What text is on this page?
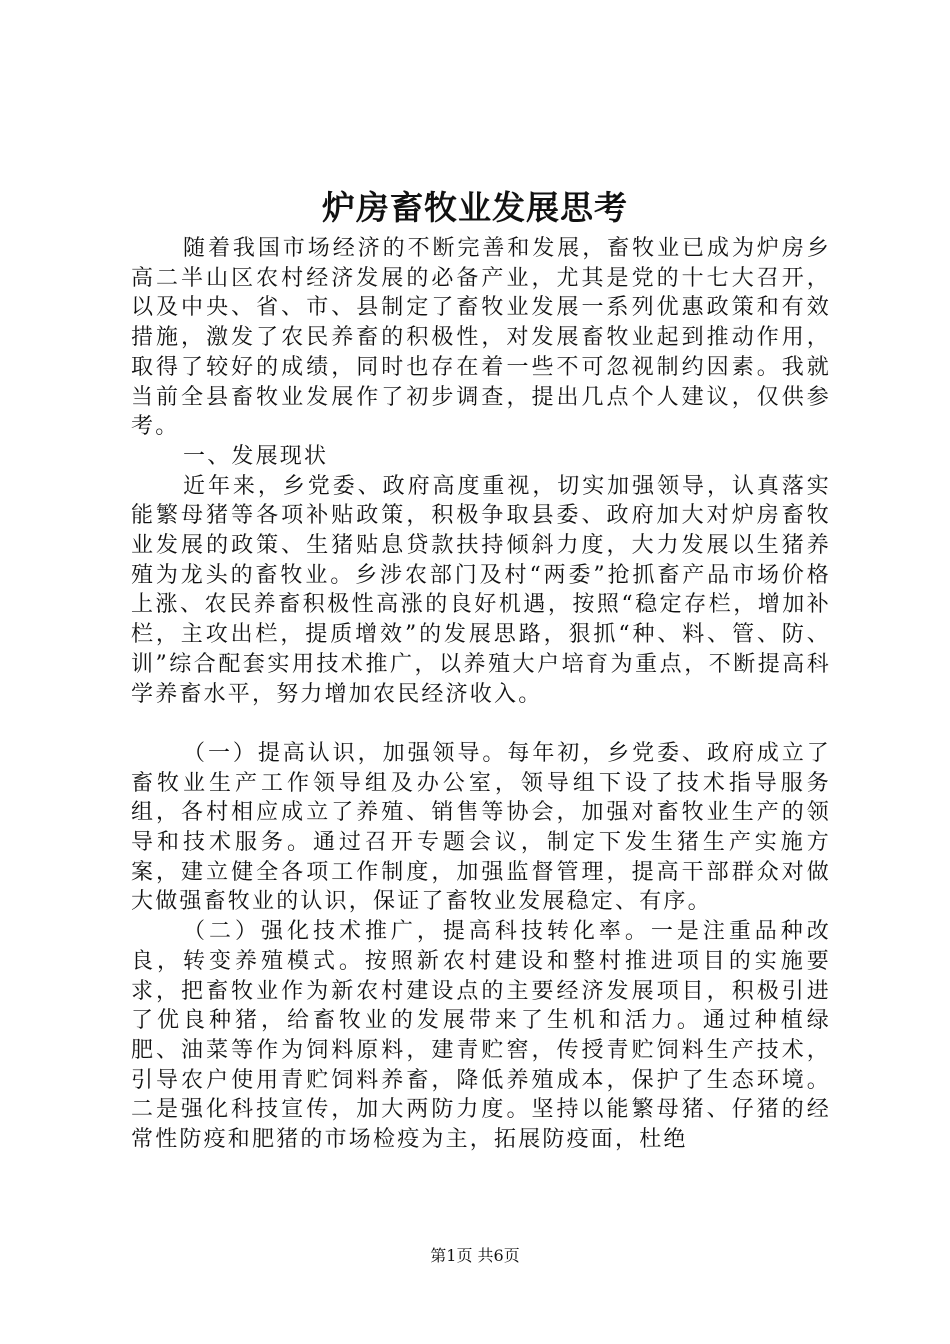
炉房畜牧业发展思考

随着我国市场经济的不断完善和发展，畜牧业已成为炉房乡高二半山区农村经济发展的必备产业，尤其是党的十七大召开，以及中央、省、市、县制定了畜牧业发展一系列优惠政策和有效措施，激发了农民养畜的积极性，对发展畜牧业起到推动作用，取得了较好的成绩，同时也存在着一些不可忽视制约因素。我就当前全县畜牧业发展作了初步调查，提出几点个人建议，仅供参考。

一、发展现状

近年来，乡党委、政府高度重视，切实加强领导，认真落实能繁母猪等各项补贴政策，积极争取县委、政府加大对炉房畜牧业发展的政策、生猪贴息贷款扶持倾斜力度，大力发展以生猪养殖为龙头的畜牧业。乡涉农部门及村“两委”抢抓畜产品市场价格上涨、农民养畜积极性高涨的良好机遇，按照“稳定存栏，增加补栏，主攻出栏，提质增效”的发展思路，狠抓“种、料、管、防、训”综合配套实用技术推广，以养殖大户培育为重点，不断提高科学养畜水平，努力增加农民经济收入。

（一）提高认识，加强领导。每年初，乡党委、政府成立了畜牧业生产工作领导组及办公室，领导组下设了技术指导服务组，各村相应成立了养殖、销售等协会，加强对畜牧业生产的领导和技术服务。通过召开专题会议，制定下发生猪生产实施方案，建立健全各项工作制度，加强监督管理，提高干部群众对做大做强畜牧业的认识，保证了畜牧业发展稳定、有序。

（二）强化技术推广，提高科技转化率。一是注重品种改良，转变养殖模式。按照新农村建设和整村推进项目的实施要求，把畜牧业作为新农村建设点的主要经济发展项目，积极引进了优良种猪，给畜牧业的发展带来了生机和活力。通过种植绿肥、油菜等作为饲料原料，建青贮窖，传授青贮饲料生产技术，引导农户使用青贮饲料养畜，降低养殖成本，保护了生态环境。二是强化科技宣传，加大两防力度。坚持以能繁母猪、仔猪的经常性防疫和肥猪的市场检疫为主，拓展防疫面，杜绝

第1页 共6页
